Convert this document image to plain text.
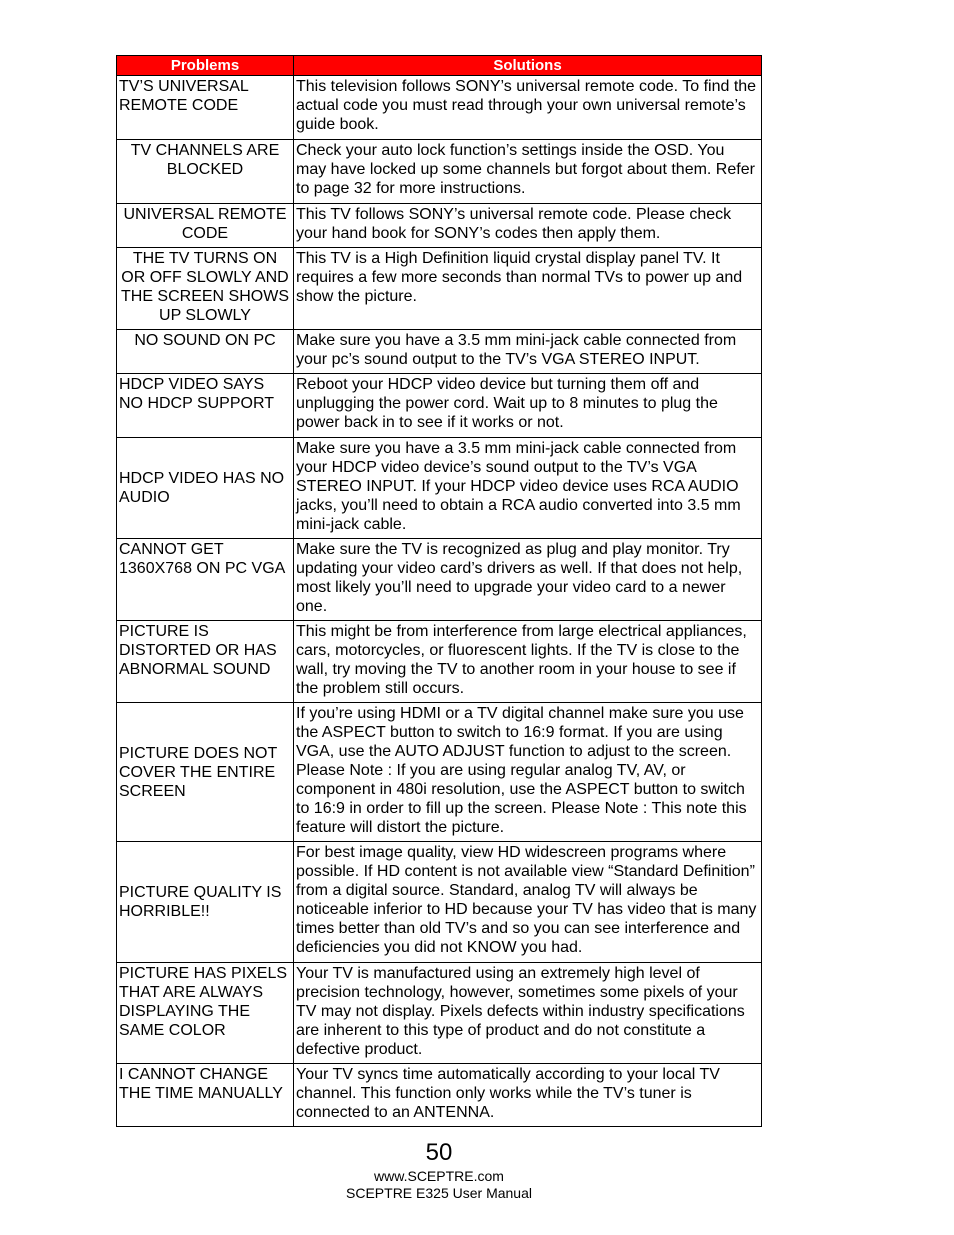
Problems	Solutions
TV’S UNIVERSAL REMOTE CODE	This television follows SONY’s universal remote code. To find the actual code you must read through your own universal remote’s guide book.
TV CHANNELS ARE BLOCKED	Check your auto lock function’s settings inside the OSD. You may have locked up some channels but forgot about them. Refer to page 32 for more instructions.
UNIVERSAL REMOTE CODE	This TV follows SONY’s universal remote code. Please check your hand book for SONY’s codes then apply them.
THE TV TURNS ON OR OFF SLOWLY AND THE SCREEN SHOWS UP SLOWLY	This TV is a High Definition liquid crystal display panel TV. It requires a few more seconds than normal TVs to power up and show the picture.
NO SOUND ON PC	Make sure you have a 3.5 mm mini-jack cable connected from your pc’s sound output to the TV’s VGA STEREO INPUT.
HDCP VIDEO SAYS NO HDCP SUPPORT	Reboot your HDCP video device but turning them off and unplugging the power cord. Wait up to 8 minutes to plug the power back in to see if it works or not.
HDCP VIDEO HAS NO AUDIO	Make sure you have a 3.5 mm mini-jack cable connected from your HDCP video device’s sound output to the TV’s VGA STEREO INPUT. If your HDCP video device uses RCA AUDIO jacks, you’ll need to obtain a RCA audio converted into 3.5 mm mini-jack cable.
CANNOT GET 1360X768 ON PC VGA	Make sure the TV is recognized as plug and play monitor. Try updating your video card’s drivers as well. If that does not help, most likely you’ll need to upgrade your video card to a newer one.
PICTURE IS DISTORTED OR HAS ABNORMAL SOUND	This might be from interference from large electrical appliances, cars, motorcycles, or fluorescent lights. If the TV is close to the wall, try moving the TV to another room in your house to see if the problem still occurs.
PICTURE DOES NOT COVER THE ENTIRE SCREEN	If you’re using HDMI or a TV digital channel make sure you use the ASPECT button to switch to 16:9 format. If you are using VGA, use the AUTO ADJUST function to adjust to the screen. Please Note : If you are using regular analog TV, AV, or component in 480i resolution, use the ASPECT button to switch to 16:9 in order to fill up the screen. Please Note : This note this feature will distort the picture.
PICTURE QUALITY IS HORRIBLE!!	For best image quality, view HD widescreen programs where possible. If HD content is not available view “Standard Definition” from a digital source. Standard, analog TV will always be noticeable inferior to HD because your TV has video that is many times better than old TV’s and so you can see interference and deficiencies you did not KNOW you had.
PICTURE HAS PIXELS THAT ARE ALWAYS DISPLAYING THE SAME COLOR	Your TV is manufactured using an extremely high level of precision technology, however, sometimes some pixels of your TV may not display. Pixels defects within industry specifications are inherent to this type of product and do not constitute a defective product.
I CANNOT CHANGE THE TIME MANUALLY	Your TV syncs time automatically according to your local TV channel. This function only works while the TV’s tuner is connected to an ANTENNA.
50
www.SCEPTRE.com
SCEPTRE E325 User Manual
